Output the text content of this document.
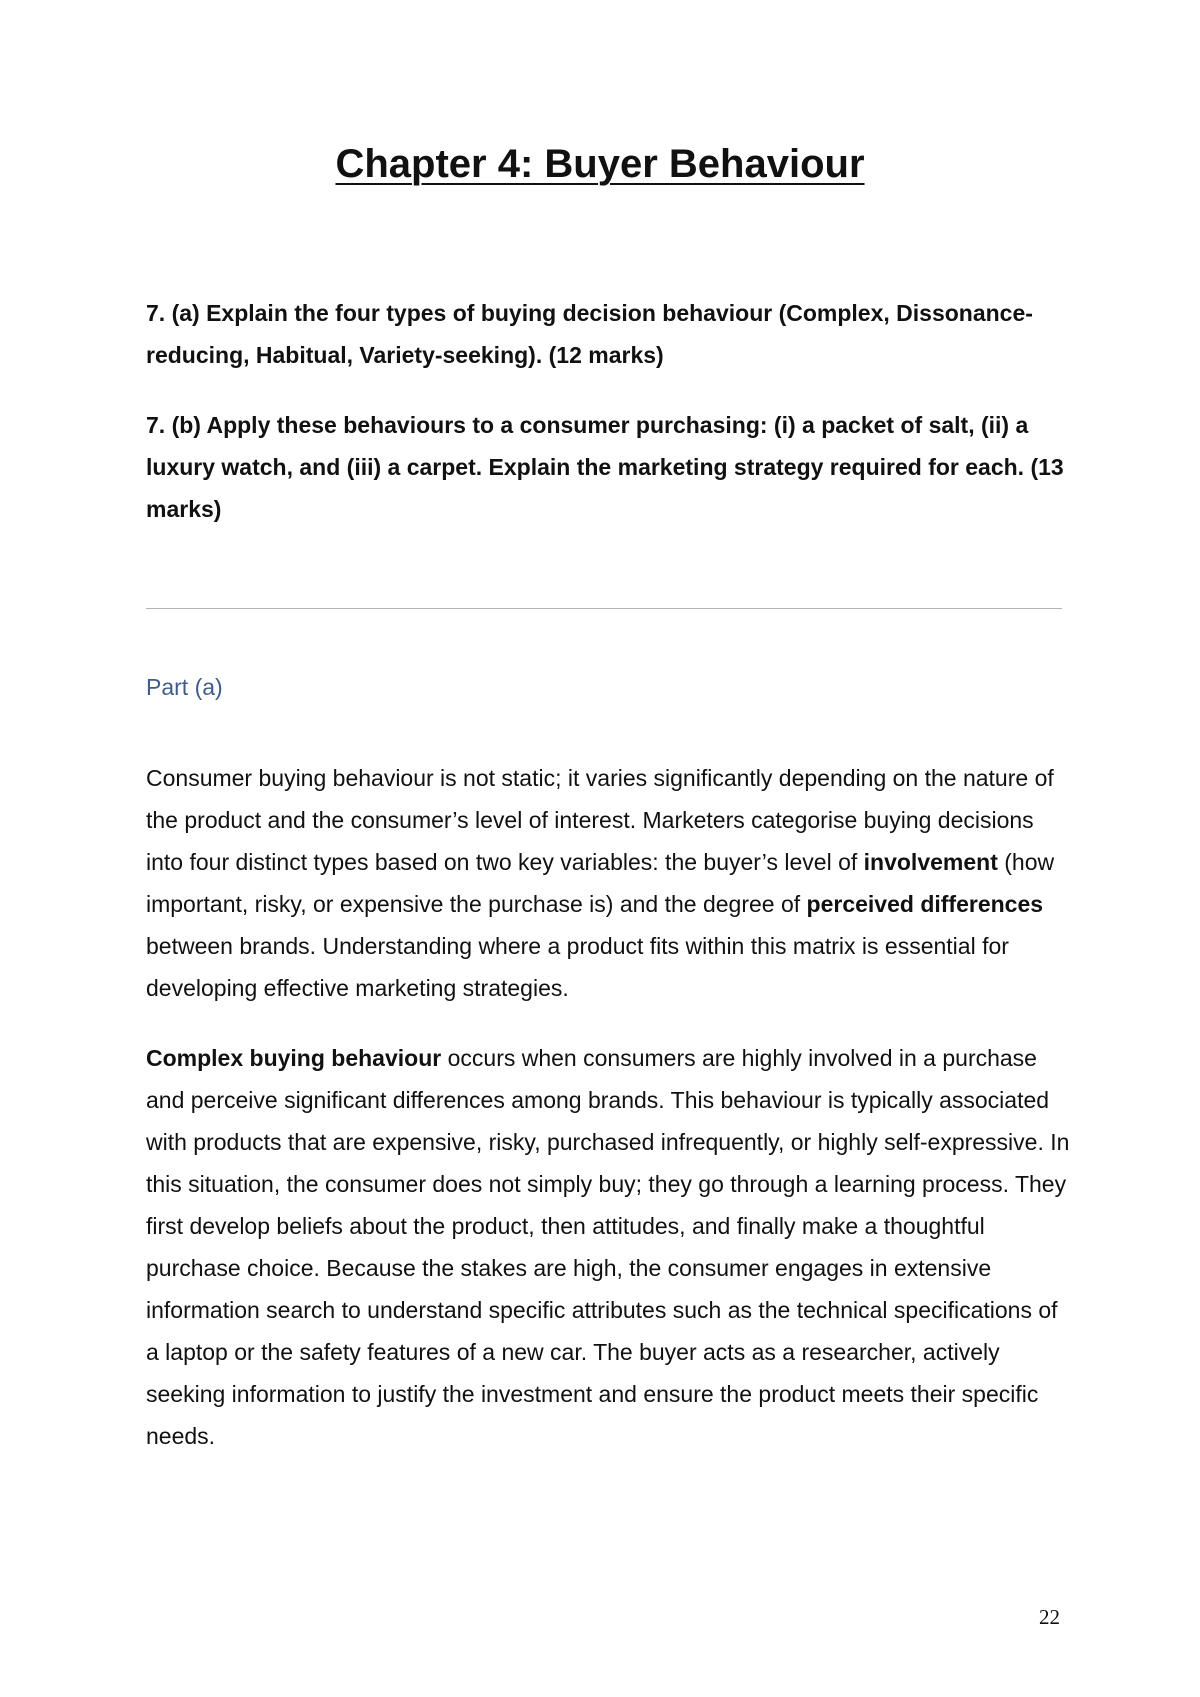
Chapter 4: Buyer Behaviour

7. (a) Explain the four types of buying decision behaviour (Complex, Dissonance-reducing, Habitual, Variety-seeking). (12 marks)

7. (b) Apply these behaviours to a consumer purchasing: (i) a packet of salt, (ii) a luxury watch, and (iii) a carpet. Explain the marketing strategy required for each. (13 marks)

Part (a)

Consumer buying behaviour is not static; it varies significantly depending on the nature of the product and the consumer’s level of interest. Marketers categorise buying decisions into four distinct types based on two key variables: the buyer’s level of involvement (how important, risky, or expensive the purchase is) and the degree of perceived differences between brands. Understanding where a product fits within this matrix is essential for developing effective marketing strategies.

Complex buying behaviour occurs when consumers are highly involved in a purchase and perceive significant differences among brands. This behaviour is typically associated with products that are expensive, risky, purchased infrequently, or highly self-expressive. In this situation, the consumer does not simply buy; they go through a learning process. They first develop beliefs about the product, then attitudes, and finally make a thoughtful purchase choice. Because the stakes are high, the consumer engages in extensive information search to understand specific attributes such as the technical specifications of a laptop or the safety features of a new car. The buyer acts as a researcher, actively seeking information to justify the investment and ensure the product meets their specific needs.

22
